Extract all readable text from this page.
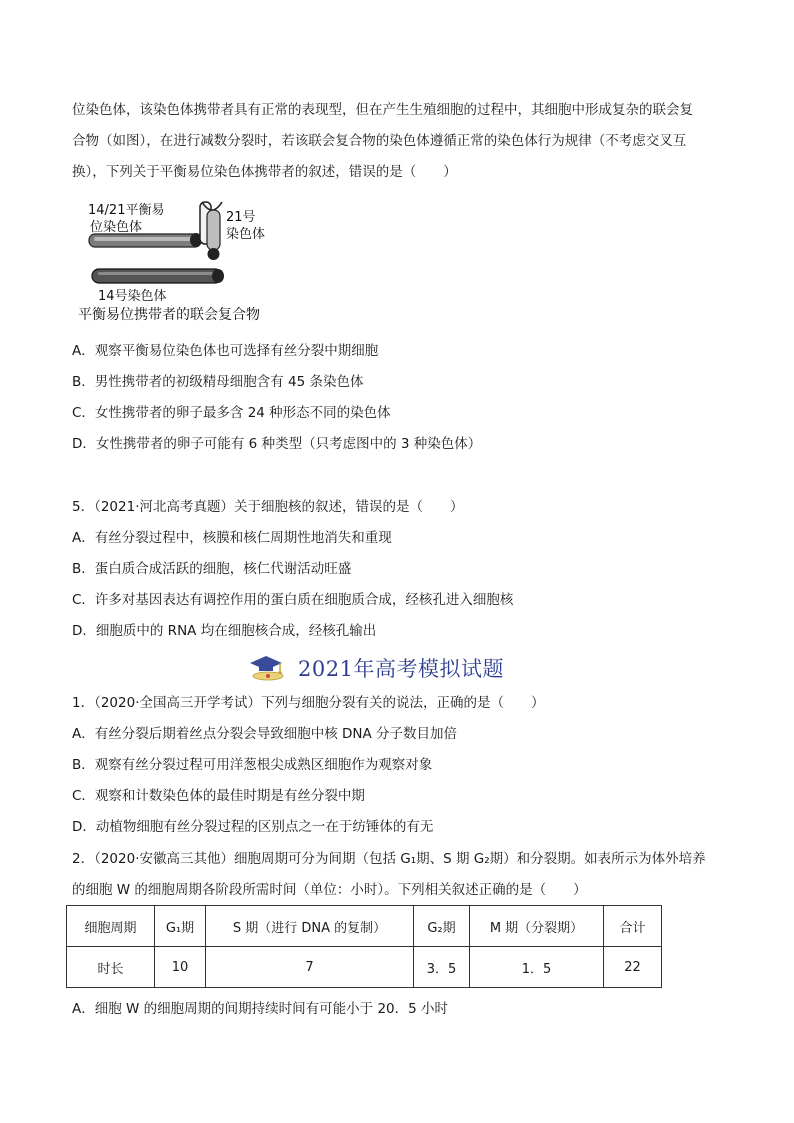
位染色体，该染色体携带者具有正常的表现型，但在产生生殖细胞的过程中，其细胞中形成复杂的联会复
合物（如图），在进行减数分裂时，若该联会复合物的染色体遵循正常的染色体行为规律（不考虑交叉互
换），下列关于平衡易位染色体携带者的叙述，错误的是（　　）
14/21平衡易
位染色体
21号
染色体
14号染色体
平衡易位携带者的联会复合物
A．观察平衡易位染色体也可选择有丝分裂中期细胞
B．男性携带者的初级精母细胞含有 45 条染色体
C．女性携带者的卵子最多含 24 种形态不同的染色体
D．女性携带者的卵子可能有 6 种类型（只考虑图中的 3 种染色体）
5．（2021·河北高考真题）关于细胞核的叙述，错误的是（　　）
A．有丝分裂过程中，核膜和核仁周期性地消失和重现
B．蛋白质合成活跃的细胞，核仁代谢活动旺盛
C．许多对基因表达有调控作用的蛋白质在细胞质合成，经核孔进入细胞核
D．细胞质中的 RNA 均在细胞核合成，经核孔输出
2021年高考模拟试题
1．（2020·全国高三开学考试）下列与细胞分裂有关的说法，正确的是（　　）
A．有丝分裂后期着丝点分裂会导致细胞中核 DNA 分子数目加倍
B．观察有丝分裂过程可用洋葱根尖成熟区细胞作为观察对象
C．观察和计数染色体的最佳时期是有丝分裂中期
D．动植物细胞有丝分裂过程的区别点之一在于纺锤体的有无
2．（2020·安徽高三其他）细胞周期可分为间期（包括 G₁期、S 期 G₂期）和分裂期。如表所示为体外培养
的细胞 W 的细胞周期各阶段所需时间（单位：小时）。下列相关叙述正确的是（　　）
细胞周期	G₁期	S 期（进行 DNA 的复制）	G₂期	M 期（分裂期）	合计
时长	10	7	3．5	1．5	22
A．细胞 W 的细胞周期的间期持续时间有可能小于 20．5 小时
